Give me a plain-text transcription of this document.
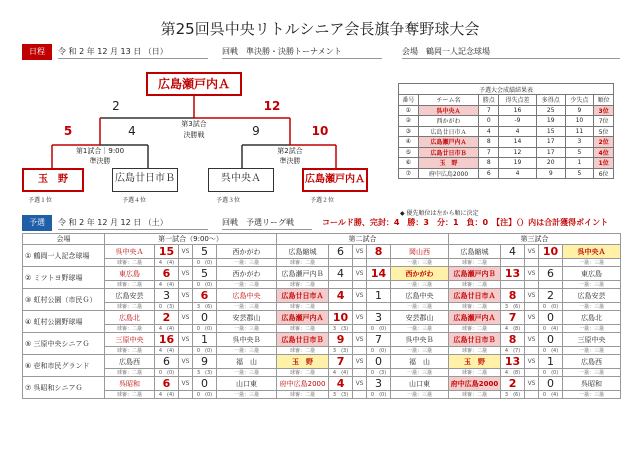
第25回呉中央リトルシニア会長旗争奪野球大会
日程	令 和 2 年 12 月 13 日 （日）	回戦　準決勝・決勝トーナメント	会場　鶴岡一人記念球場
広島瀬戸内Ａ
2	12
第3試合
決勝戦
5	4
第1試合｜9:00
準決勝
9	10
第2試合
準決勝
玉　野	広島廿日市Ｂ	呉中央Ａ	広島瀬戸内Ａ
予選１位	予選４位	予選３位	予選２位
予選大会成績結果表						
番号	チーム名	勝点	得失点差	多得点	少失点	順位
①	呉中央Ａ	7	16	25	9	3位
②	西かがわ	0	-9	19	10	7位
③	広島廿日市Ａ	4	4	15	11	5位
④	広島瀬戸内Ａ	8	14	17	3	2位
⑤	広島廿日市Ｂ	7	12	17	5	4位
⑥	玉　野	8	19	20	1	1位
⑦	府中広島2000	6	4	9	5	6位
◆ 優先順位は左から順に決定
予選	令 和 2 年 12 月 12 日 （土）	回戦　予選リーグ戦	コールド勝、完封：4　勝：3　分：1　負：0　【注】（）内は合計獲得ポイント
会場	第一試合（9:00～）					第二試合					第三試合				
① 鶴岡一人記念球場	呉中央Ａ	15	VS	5	西かがわ	広島縮城	6	VS	8	岡山西	広島縮城	4	VS	10	呉中央Ａ
	球審：二塁	4　(4)		0　(0)	一塁：三塁	球審：二塁				一塁：三塁	球審：二塁				一塁：三塁
② ミツトヨ野球場	東広島	6	VS	5	西かがわ	広島瀬戸内Ｂ	4	VS	14	西かがわ	広島瀬戸内Ｂ	13	VS	6	東広島
	球審：二塁	4　(4)		0　(0)	一塁：三塁	球審：二塁				一塁：三塁	球審：二塁				一塁：三塁
③ 虹村公園（市民Ｇ）	広島安芸	3	VS	6	広島中央	広島廿日市Ａ	4	VS	1	広島中央	広島廿日市Ａ	8	VS	2	広島安芸
	球審：二塁	0　(3)		3　(6)	一塁：三塁	球審：二塁				一塁：三塁	球審：二塁	3　(6)		0　(0)	一塁：三塁
④ 虹村公園野球場	広島北	2	VS	0	安芸郡山	広島瀬戸内Ａ	10	VS	3	安芸郡山	広島瀬戸内Ａ	7	VS	0	広島北
	球審：二塁	4　(4)		0　(0)	一塁：三塁	球審：二塁	3　(3)		0　(0)	一塁：三塁	球審：二塁	4　(8)		0　(4)	一塁：三塁
⑤ 三原中央シニアＧ	三原中央	16	VS	1	呉中央Ｂ	広島廿日市Ｂ	9	VS	7	呉中央Ｂ	広島廿日市Ｂ	8	VS	0	三原中央
	球審：二塁	4　(4)		0　(0)	一塁：三塁	球審：二塁	3　(3)		0　(0)	一塁：三塁	球審：二塁	4　(7)		0　(4)	一塁：三塁
⑥ 壱和市民グランド	広島西	6	VS	9	福　山	玉　野	7	VS	0	福　山	玉　野	13	VS	1	広島西
	球審：二塁	0　(0)		3　(3)	一塁：三塁	球審：二塁	4　(4)		0　(3)	一塁：三塁	球審：二塁	4　(8)		0　(0)	一塁：三塁
⑦ 呉昭和シニアＧ	呉昭和	6	VS	0	山口東	府中広島2000	4	VS	3	山口東	府中広島2000	2	VS	0	呉昭和
	球審：二塁	4　(4)		0　(0)	一塁：三塁	球審：二塁	3　(3)		0　(0)	一塁：三塁	球審：二塁	3　(6)		0　(4)	一塁：三塁
